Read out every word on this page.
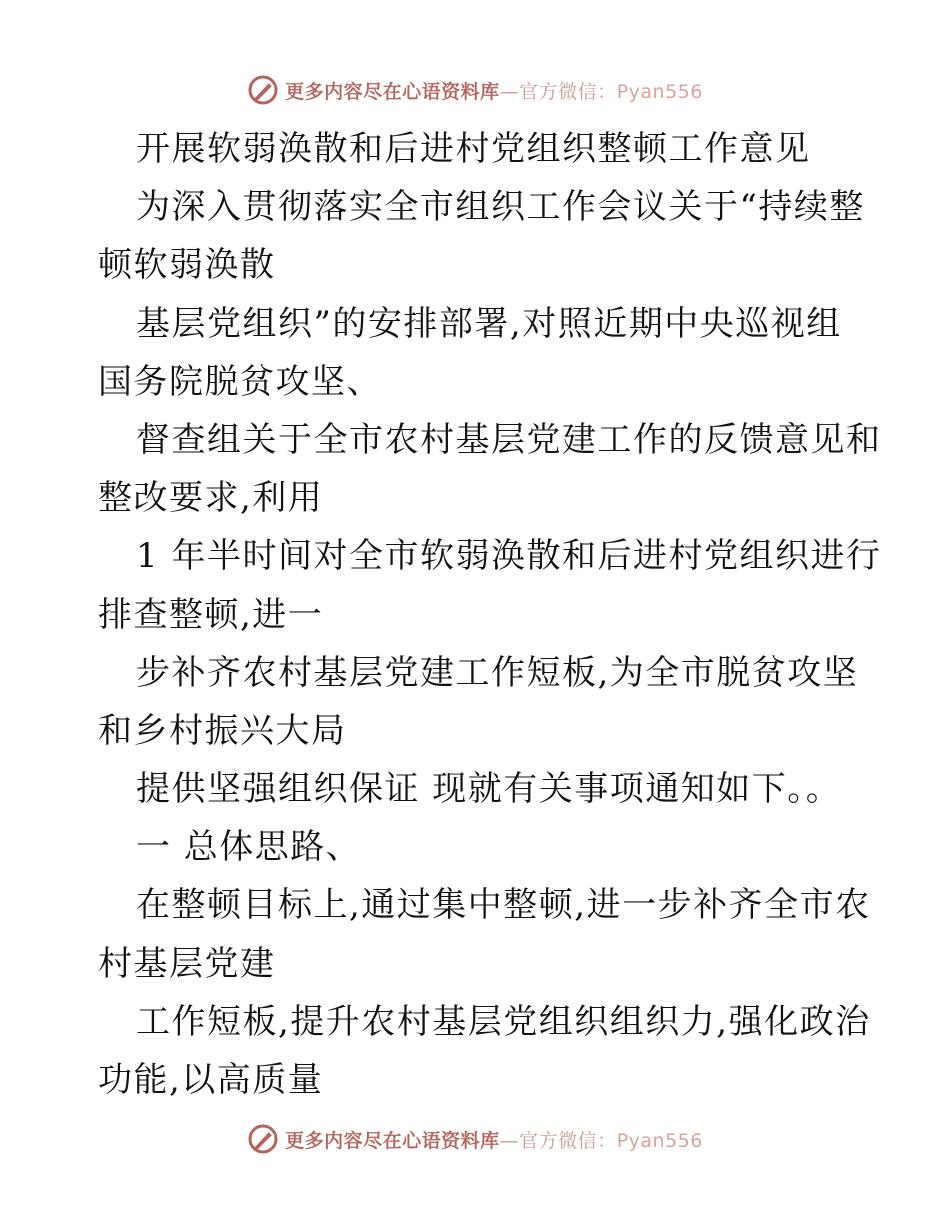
更多内容尽在心语资料库—官方微信：Pyan556
开展软弱涣散和后进村党组织整顿工作意见
为深入贯彻落实全市组织工作会议关于“持续整
顿软弱涣散
基层党组织”的安排部署,对照近期中央巡视组
国务院脱贫攻坚、
督查组关于全市农村基层党建工作的反馈意见和
整改要求,利用
1 年半时间对全市软弱涣散和后进村党组织进行
排查整顿,进一
步补齐农村基层党建工作短板,为全市脱贫攻坚
和乡村振兴大局
提供坚强组织保证 现就有关事项通知如下。。
一 总体思路、
在整顿目标上,通过集中整顿,进一步补齐全市农
村基层党建
工作短板,提升农村基层党组织组织力,强化政治
功能,以高质量
更多内容尽在心语资料库—官方微信：Pyan556
